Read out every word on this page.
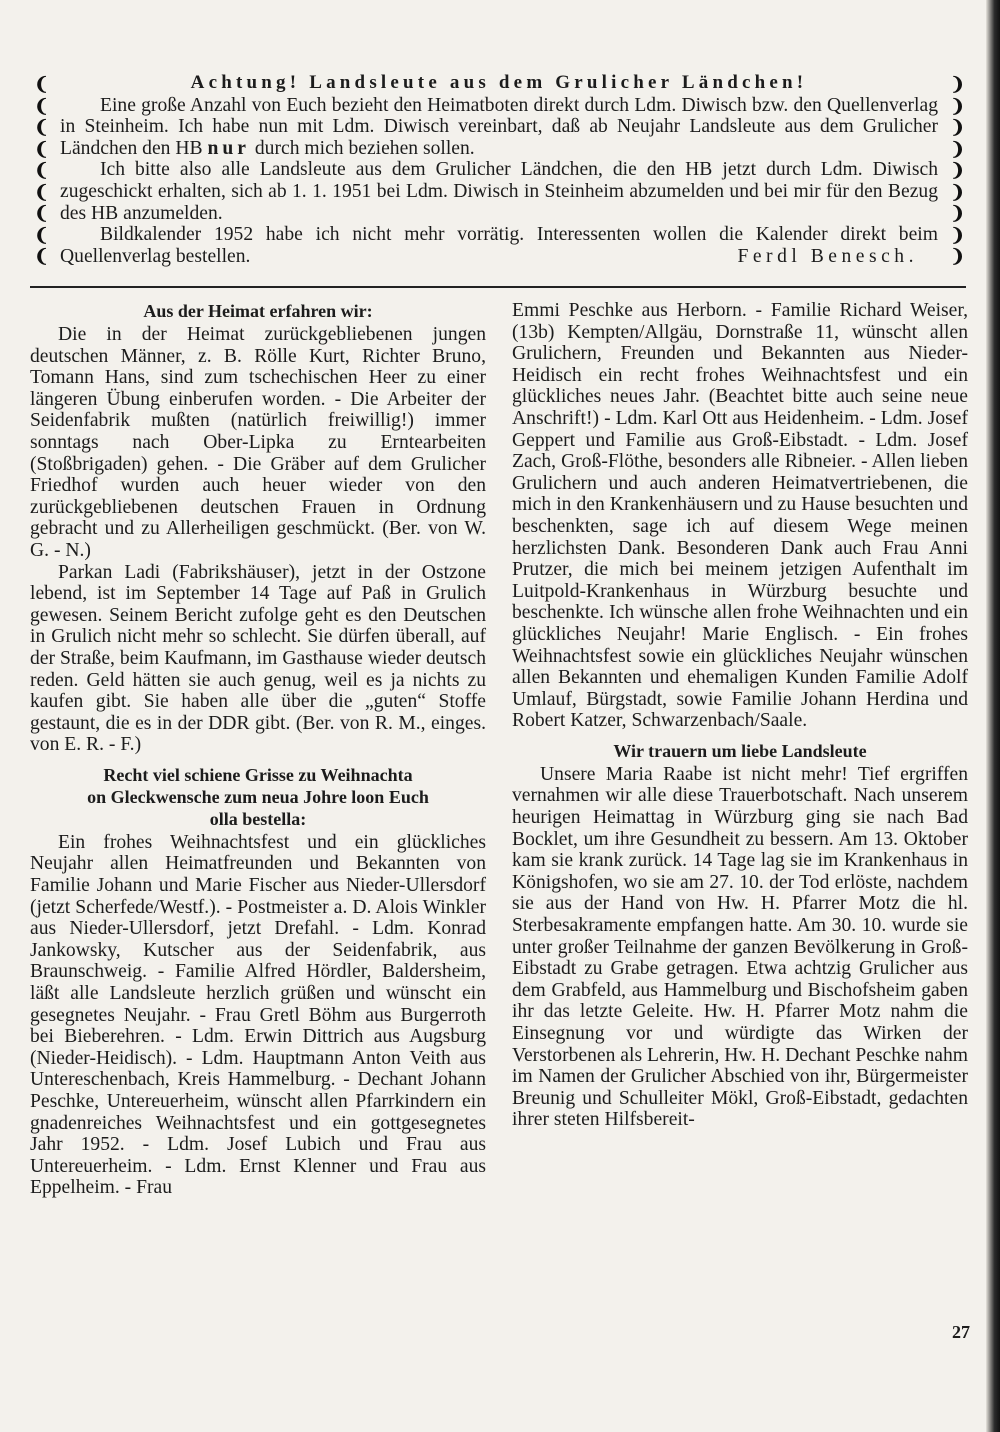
❨
❨
❨
❨
❨
❨
❨
❨
❨
❩
❩
❩
❩
❩
❩
❩
❩
❩
Achtung! Landsleute aus dem Grulicher Ländchen!

Eine große Anzahl von Euch bezieht den Heimatboten direkt durch Ldm. Diwisch bzw. den Quellenverlag in Steinheim. Ich habe nun mit Ldm. Diwisch vereinbart, daß ab Neujahr Landsleute aus dem Grulicher Ländchen den HB nur durch mich beziehen sollen.

Ich bitte also alle Landsleute aus dem Grulicher Ländchen, die den HB jetzt durch Ldm. Diwisch zugeschickt erhalten, sich ab 1. 1. 1951 bei Ldm. Diwisch in Steinheim abzumelden und bei mir für den Bezug des HB anzumelden.

Bildkalender 1952 habe ich nicht mehr vorrätig. Interessenten wollen die Kalender direkt beim Quellenverlag bestellen.	Ferdl Benesch.

Aus der Heimat erfahren wir:

Die in der Heimat zurückgebliebenen jungen deutschen Männer, z. B. Rölle Kurt, Richter Bruno, Tomann Hans, sind zum tschechischen Heer zu einer längeren Übung einberufen worden. - Die Arbeiter der Seidenfabrik mußten (natürlich freiwillig!) immer sonntags nach Ober-Lipka zu Erntearbeiten (Stoßbrigaden) gehen. - Die Gräber auf dem Grulicher Friedhof wurden auch heuer wieder von den zurückgebliebenen deutschen Frauen in Ordnung gebracht und zu Allerheiligen geschmückt. (Ber. von W. G. - N.)

Parkan Ladi (Fabrikshäuser), jetzt in der Ostzone lebend, ist im September 14 Tage auf Paß in Grulich gewesen. Seinem Bericht zufolge geht es den Deutschen in Grulich nicht mehr so schlecht. Sie dürfen überall, auf der Straße, beim Kaufmann, im Gasthause wieder deutsch reden. Geld hätten sie auch genug, weil es ja nichts zu kaufen gibt. Sie haben alle über die „guten“ Stoffe gestaunt, die es in der DDR gibt. (Ber. von R. M., einges. von E. R. - F.)

Recht viel schiene Grisse zu Weihnachta
on Gleckwensche zum neua Johre loon Euch
olla bestella:

Ein frohes Weihnachtsfest und ein glückliches Neujahr allen Heimatfreunden und Bekannten von Familie Johann und Marie Fischer aus Nieder-Ullersdorf (jetzt Scherfede/Westf.). - Postmeister a. D. Alois Winkler aus Nieder-Ullersdorf, jetzt Drefahl. - Ldm. Konrad Jankowsky, Kutscher aus der Seidenfabrik, aus Braunschweig. - Familie Alfred Hördler, Baldersheim, läßt alle Landsleute herzlich grüßen und wünscht ein gesegnetes Neujahr. - Frau Gretl Böhm aus Burgerroth bei Bieberehren. - Ldm. Erwin Dittrich aus Augsburg (Nieder-Heidisch). - Ldm. Hauptmann Anton Veith aus Untereschenbach, Kreis Hammelburg. - Dechant Johann Peschke, Untereuerheim, wünscht allen Pfarrkindern ein gnadenreiches Weihnachtsfest und ein gottgesegnetes Jahr 1952. - Ldm. Josef Lubich und Frau aus Untereuerheim. - Ldm. Ernst Klenner und Frau aus Eppelheim. - Frau

Emmi Peschke aus Herborn. - Familie Richard Weiser, (13b) Kempten/Allgäu, Dornstraße 11, wünscht allen Grulichern, Freunden und Bekannten aus Nieder-Heidisch ein recht frohes Weihnachtsfest und ein glückliches neues Jahr. (Beachtet bitte auch seine neue Anschrift!) - Ldm. Karl Ott aus Heidenheim. - Ldm. Josef Geppert und Familie aus Groß-Eibstadt. - Ldm. Josef Zach, Groß-Flöthe, besonders alle Ribneier. - Allen lieben Grulichern und auch anderen Heimatvertriebenen, die mich in den Krankenhäusern und zu Hause besuchten und beschenkten, sage ich auf diesem Wege meinen herzlichsten Dank. Besonderen Dank auch Frau Anni Prutzer, die mich bei meinem jetzigen Aufenthalt im Luitpold-Krankenhaus in Würzburg besuchte und beschenkte. Ich wünsche allen frohe Weihnachten und ein glückliches Neujahr! Marie Englisch. - Ein frohes Weihnachtsfest sowie ein glückliches Neujahr wünschen allen Bekannten und ehemaligen Kunden Familie Adolf Umlauf, Bürgstadt, sowie Familie Johann Herdina und Robert Katzer, Schwarzenbach/Saale.

Wir trauern um liebe Landsleute

Unsere Maria Raabe ist nicht mehr! Tief ergriffen vernahmen wir alle diese Trauerbotschaft. Nach unserem heurigen Heimattag in Würzburg ging sie nach Bad Bocklet, um ihre Gesundheit zu bessern. Am 13. Oktober kam sie krank zurück. 14 Tage lag sie im Krankenhaus in Königshofen, wo sie am 27. 10. der Tod erlöste, nachdem sie aus der Hand von Hw. H. Pfarrer Motz die hl. Sterbesakramente empfangen hatte. Am 30. 10. wurde sie unter großer Teilnahme der ganzen Bevölkerung in Groß-Eibstadt zu Grabe getragen. Etwa achtzig Grulicher aus dem Grabfeld, aus Hammelburg und Bischofsheim gaben ihr das letzte Geleite. Hw. H. Pfarrer Motz nahm die Einsegnung vor und würdigte das Wirken der Verstorbenen als Lehrerin, Hw. H. Dechant Peschke nahm im Namen der Grulicher Abschied von ihr, Bürgermeister Breunig und Schulleiter Mökl, Groß-Eibstadt, gedachten ihrer steten Hilfsbereit-

27
